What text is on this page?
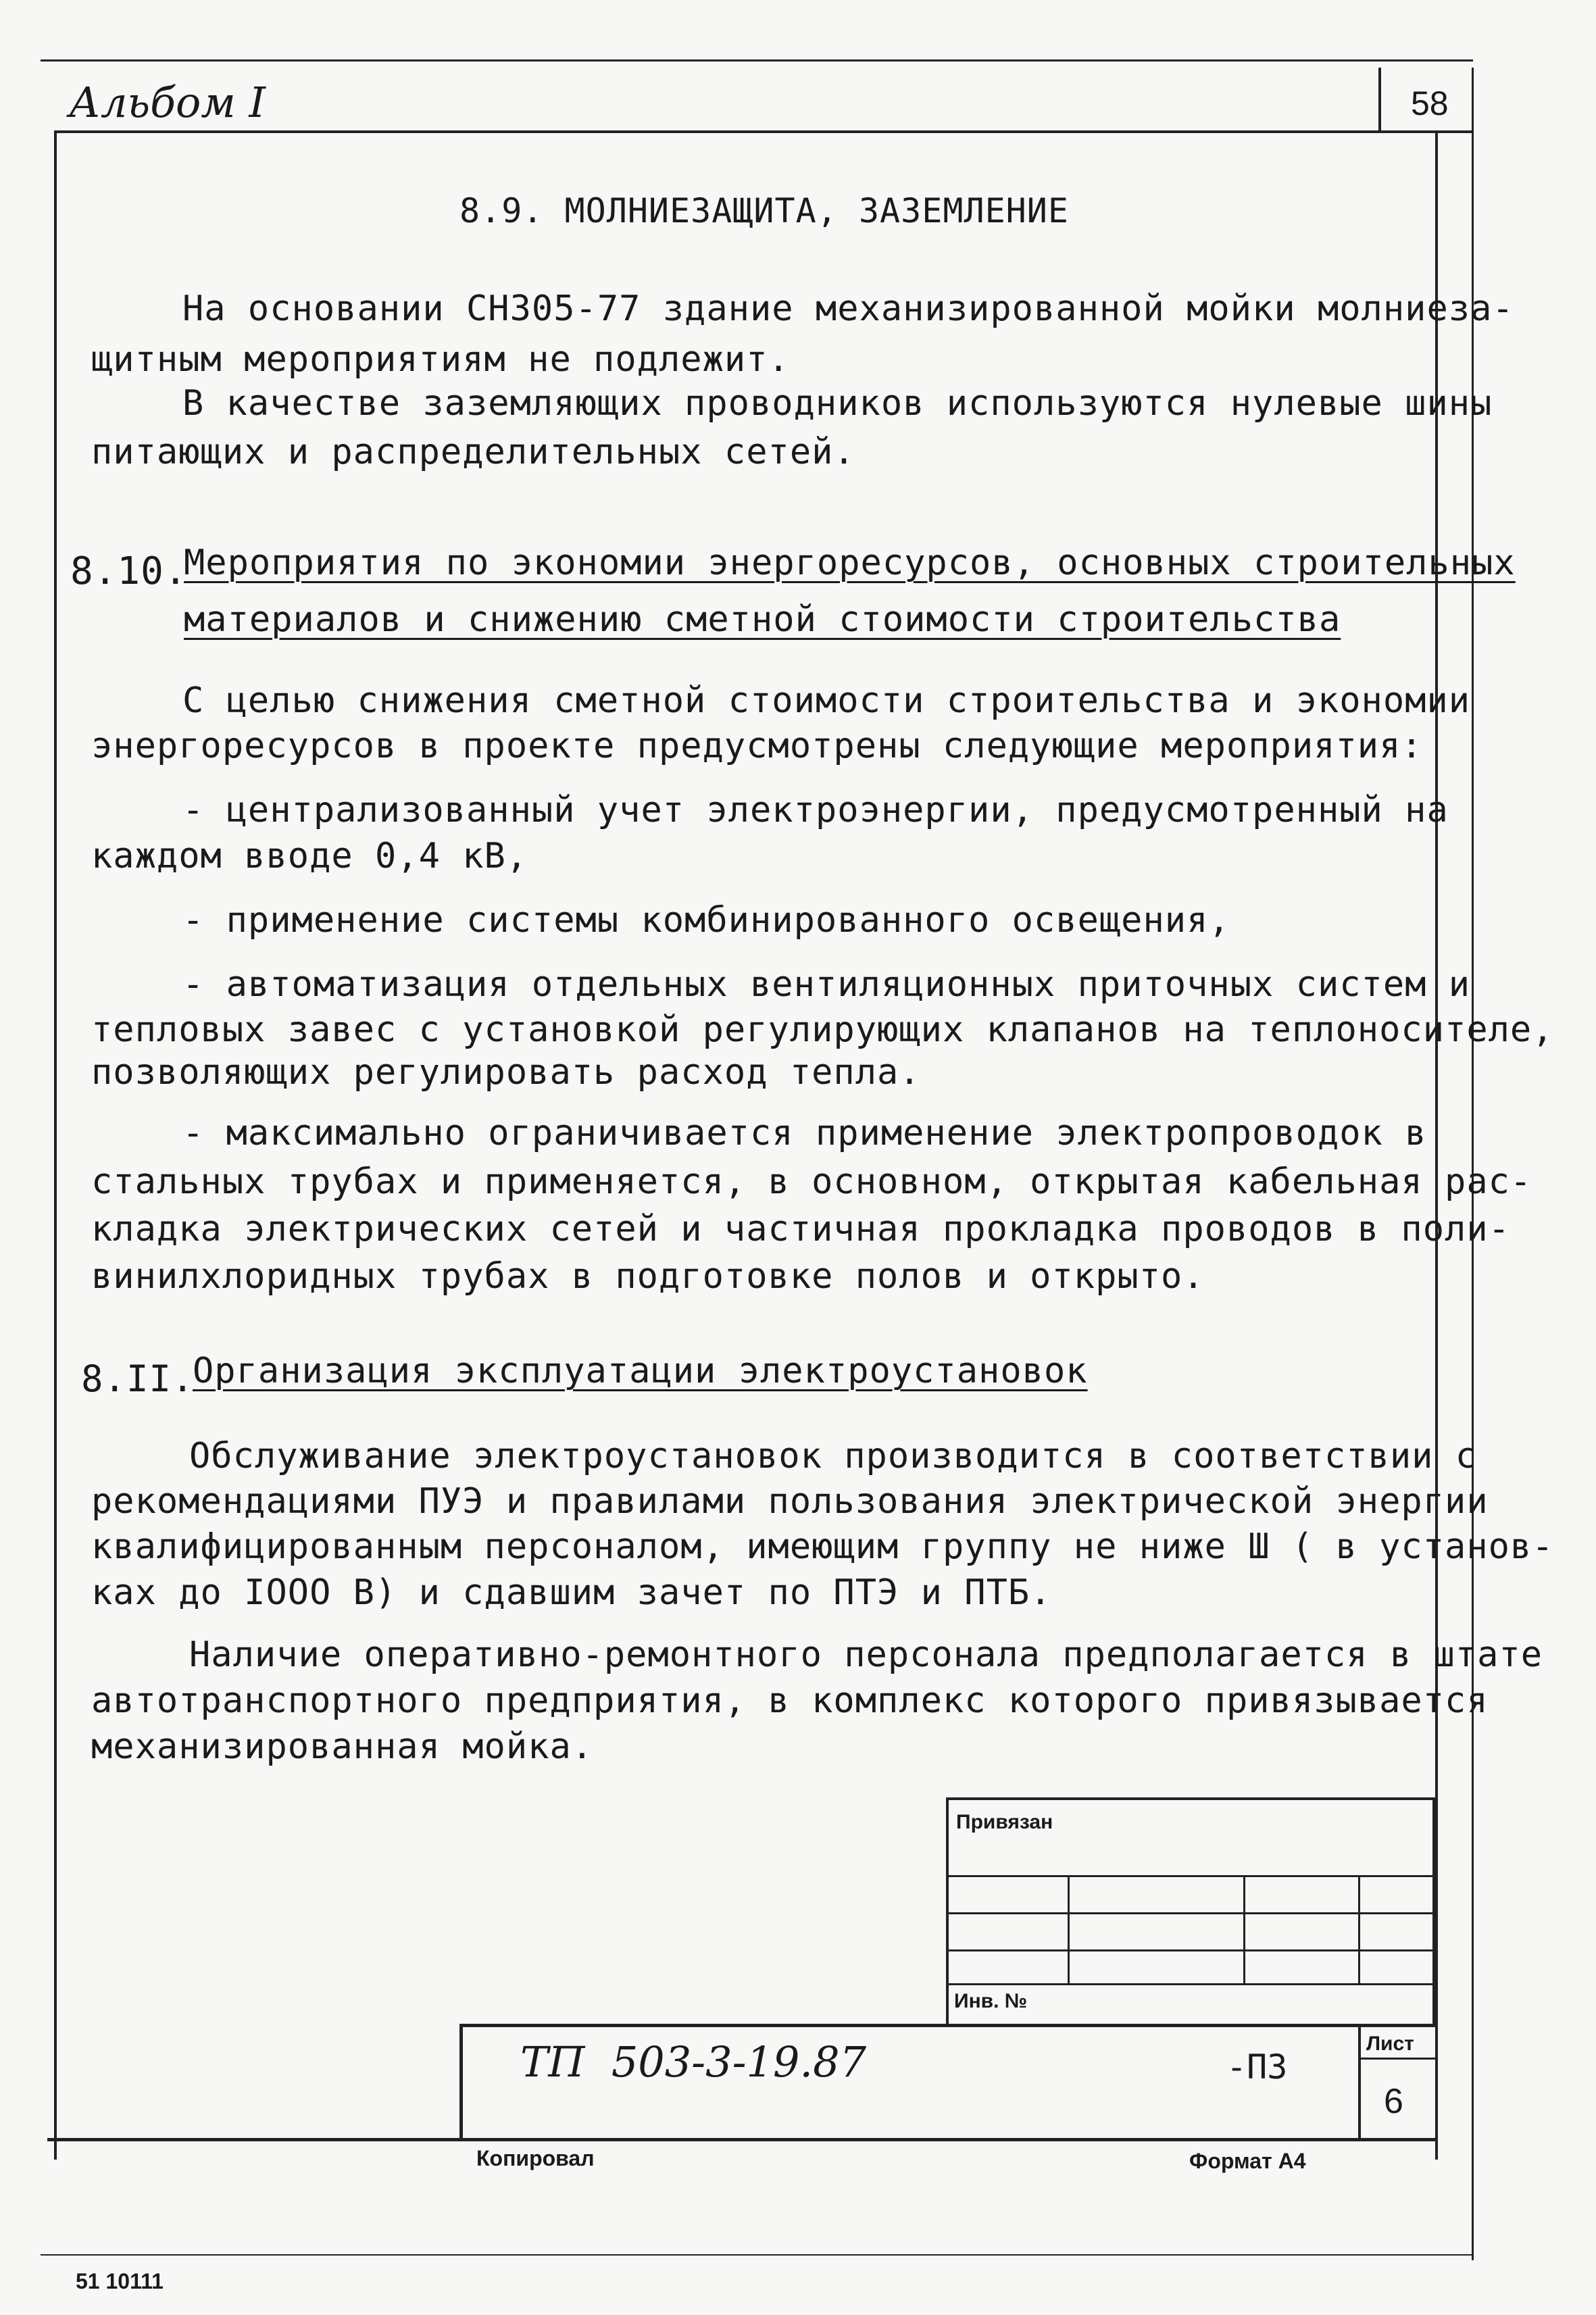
Альбом I	58
8.9. МОЛНИЕЗАЩИТА, ЗАЗЕМЛЕНИЕ
На основании СН305-77 здание механизированной мойки молниеза-
щитным мероприятиям не подлежит.
В качестве заземляющих проводников используются нулевые шины
питающих и распределительных сетей.
8.10.
Мероприятия по экономии энергоресурсов, основных строительных
материалов и снижению сметной стоимости строительства
С целью снижения сметной стоимости строительства и экономии
энергоресурсов в проекте предусмотрены следующие мероприятия:
- централизованный учет электроэнергии, предусмотренный на
каждом вводе 0,4 кВ,
- применение системы комбинированного освещения,
- автоматизация отдельных вентиляционных приточных систем и
тепловых завес с установкой регулирующих клапанов на теплоносителе,
позволяющих регулировать расход тепла.
- максимально ограничивается применение электропроводок в
стальных трубах и применяется, в основном, открытая кабельная рас-
кладка электрических сетей и частичная прокладка проводов в поли-
винилхлоридных трубах в подготовке полов и открыто.
8.II.
Организация эксплуатации электроустановок
Обслуживание электроустановок производится в соответствии с
рекомендациями ПУЭ и правилами пользования электрической энергии
квалифицированным персоналом, имеющим группу не ниже Ш ( в установ-
ках до IOOO В) и сдавшим зачет по ПТЭ и ПТБ.
Наличие оперативно-ремонтного персонала предполагается в штате
автотранспортного предприятия, в комплекс которого привязывается
механизированная мойка.
Привязан
Инв. №
ТП  503-3-19.87	-ПЗ
Лист
6
Копировал	Формат А4
51 10111
